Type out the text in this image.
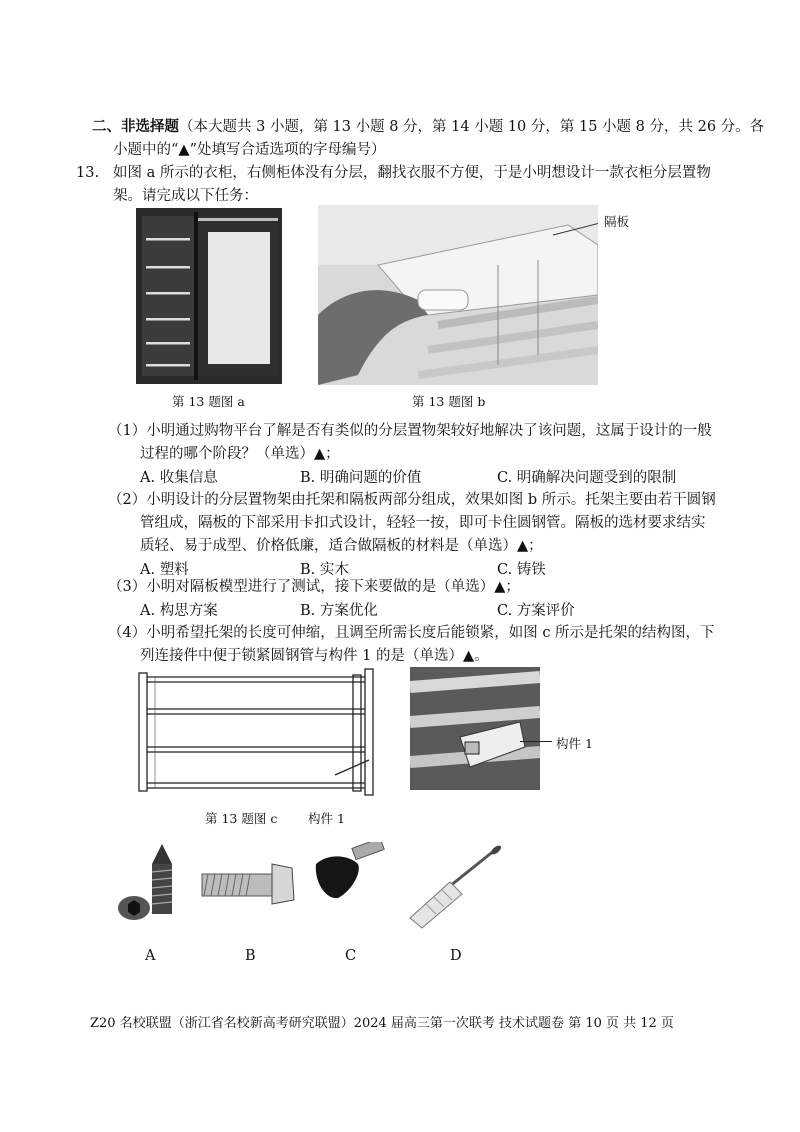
二、非选择题（本大题共 3 小题，第 13 小题 8 分，第 14 小题 10 分，第 15 小题 8 分，共 26 分。各
小题中的“▲”处填写合适选项的字母编号）
13. 如图 a 所示的衣柜，右侧柜体没有分层，翻找衣服不方便，于是小明想设计一款衣柜分层置物
架。请完成以下任务：
第 13 题图 a
隔板
第 13 题图 b
（1）小明通过购物平台了解是否有类似的分层置物架较好地解决了该问题，这属于设计的一般
过程的哪个阶段？（单选）▲；
A. 收集信息	B. 明确问题的价值	C. 明确解决问题受到的限制
（2）小明设计的分层置物架由托架和隔板两部分组成，效果如图 b 所示。托架主要由若干圆钢
管组成，隔板的下部采用卡扣式设计，轻轻一按，即可卡住圆钢管。隔板的选材要求结实
质轻、易于成型、价格低廉，适合做隔板的材料是（单选）▲；
A. 塑料	B. 实木	C. 铸铁
（3）小明对隔板模型进行了测试，接下来要做的是（单选）▲；
A. 构思方案	B. 方案优化	C. 方案评价
（4）小明希望托架的长度可伸缩，且调至所需长度后能锁紧，如图 c 所示是托架的结构图，下
列连接件中便于锁紧圆钢管与构件 1 的是（单选）▲。
第 13 题图 c 构件 1
构件 1
A	B	C	D
Z20 名校联盟（浙江省名校新高考研究联盟）2024 届高三第一次联考 技术试题卷 第 10 页 共 12 页
